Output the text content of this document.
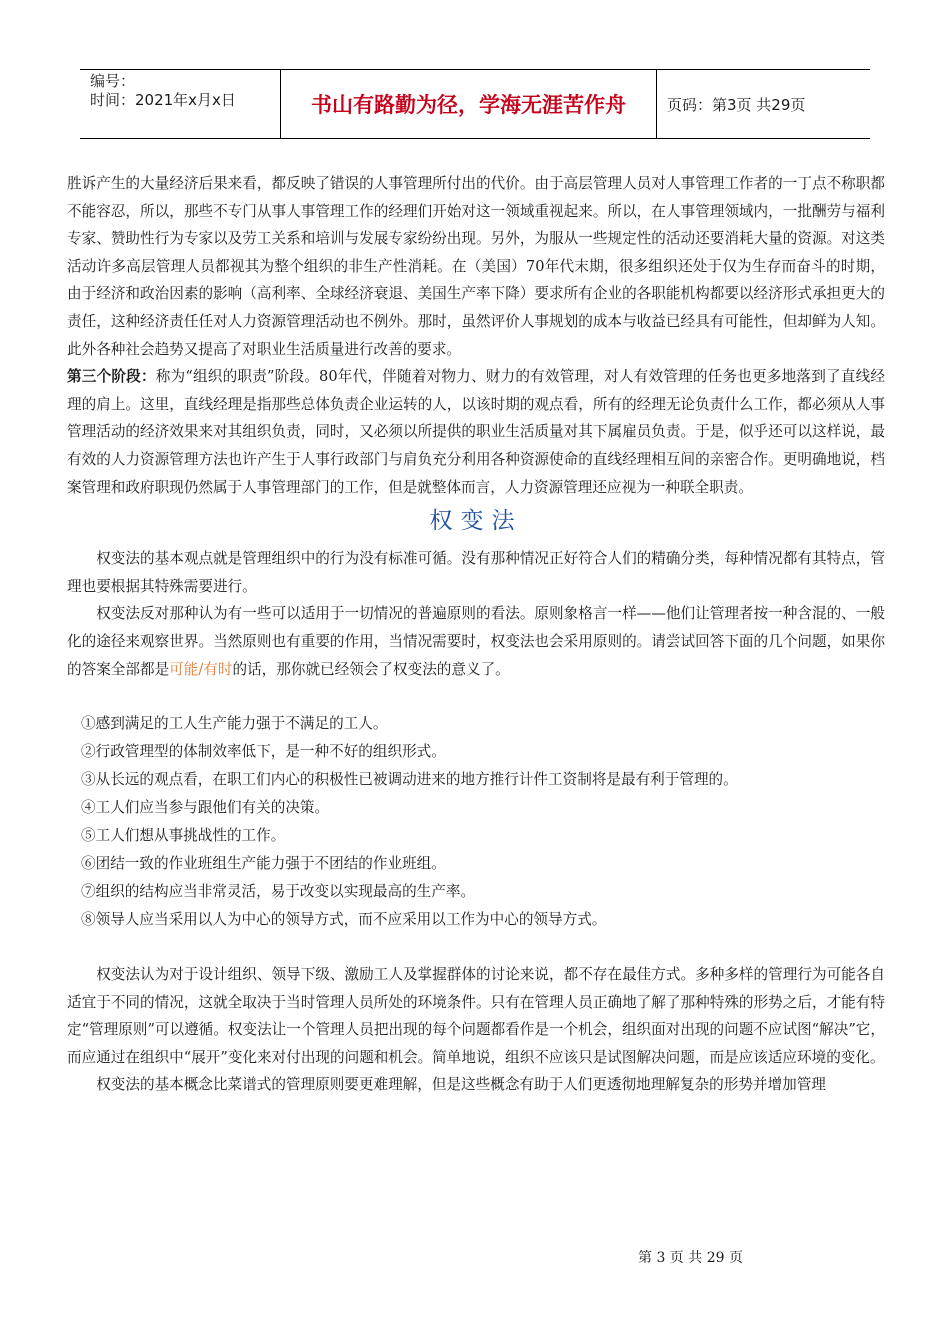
编号：
时间：2021年x月x日	书山有路勤为径，学海无涯苦作舟	页码：第3页 共29页

胜诉产生的大量经济后果来看，都反映了错误的人事管理所付出的代价。由于高层管理人员对人事管理工作者的一丁点不称职都不能容忍，所以，那些不专门从事人事管理工作的经理们开始对这一领域重视起来。所以，在人事管理领域内，一批酬劳与福利专家、赞助性行为专家以及劳工关系和培训与发展专家纷纷出现。另外，为服从一些规定性的活动还要消耗大量的资源。对这类活动许多高层管理人员都视其为整个组织的非生产性消耗。在（美国）70年代末期，很多组织还处于仅为生存而奋斗的时期，由于经济和政治因素的影响（高利率、全球经济衰退、美国生产率下降）要求所有企业的各职能机构都要以经济形式承担更大的责任，这种经济责任任对人力资源管理活动也不例外。那时，虽然评价人事规划的成本与收益已经具有可能性，但却鲜为人知。此外各种社会趋势又提高了对职业生活质量进行改善的要求。

第三个阶段：称为“组织的职责”阶段。80年代，伴随着对物力、财力的有效管理，对人有效管理的任务也更多地落到了直线经理的肩上。这里，直线经理是指那些总体负责企业运转的人，以该时期的观点看，所有的经理无论负责什么工作，都必须从人事管理活动的经济效果来对其组织负责，同时，又必须以所提供的职业生活质量对其下属雇员负责。于是，似乎还可以这样说，最有效的人力资源管理方法也许产生于人事行政部门与肩负充分利用各种资源使命的直线经理相互间的亲密合作。更明确地说，档案管理和政府职现仍然属于人事管理部门的工作，但是就整体而言，人力资源管理还应视为一种联全职责。

权变法

权变法的基本观点就是管理组织中的行为没有标准可循。没有那种情况正好符合人们的精确分类，每种情况都有其特点，管理也要根据其特殊需要进行。

权变法反对那种认为有一些可以适用于一切情况的普遍原则的看法。原则象格言一样——他们让管理者按一种含混的、一般化的途径来观察世界。当然原则也有重要的作用，当情况需要时，权变法也会采用原则的。请尝试回答下面的几个问题，如果你的答案全部都是可能/有时的话，那你就已经领会了权变法的意义了。

①感到满足的工人生产能力强于不满足的工人。
②行政管理型的体制效率低下，是一种不好的组织形式。
③从长远的观点看，在职工们内心的积极性已被调动进来的地方推行计件工资制将是最有利于管理的。
④工人们应当参与跟他们有关的决策。
⑤工人们想从事挑战性的工作。
⑥团结一致的作业班组生产能力强于不团结的作业班组。
⑦组织的结构应当非常灵活，易于改变以实现最高的生产率。
⑧领导人应当采用以人为中心的领导方式，而不应采用以工作为中心的领导方式。

权变法认为对于设计组织、领导下级、激励工人及掌握群体的讨论来说，都不存在最佳方式。多种多样的管理行为可能各自适宜于不同的情况，这就全取决于当时管理人员所处的环境条件。只有在管理人员正确地了解了那种特殊的形势之后，才能有特定“管理原则”可以遵循。权变法让一个管理人员把出现的每个问题都看作是一个机会，组织面对出现的问题不应试图“解决”它，而应通过在组织中“展开”变化来对付出现的问题和机会。简单地说，组织不应该只是试图解决问题，而是应该适应环境的变化。

权变法的基本概念比菜谱式的管理原则要更难理解，但是这些概念有助于人们更透彻地理解复杂的形势并增加管理

第 3 页 共 29 页
